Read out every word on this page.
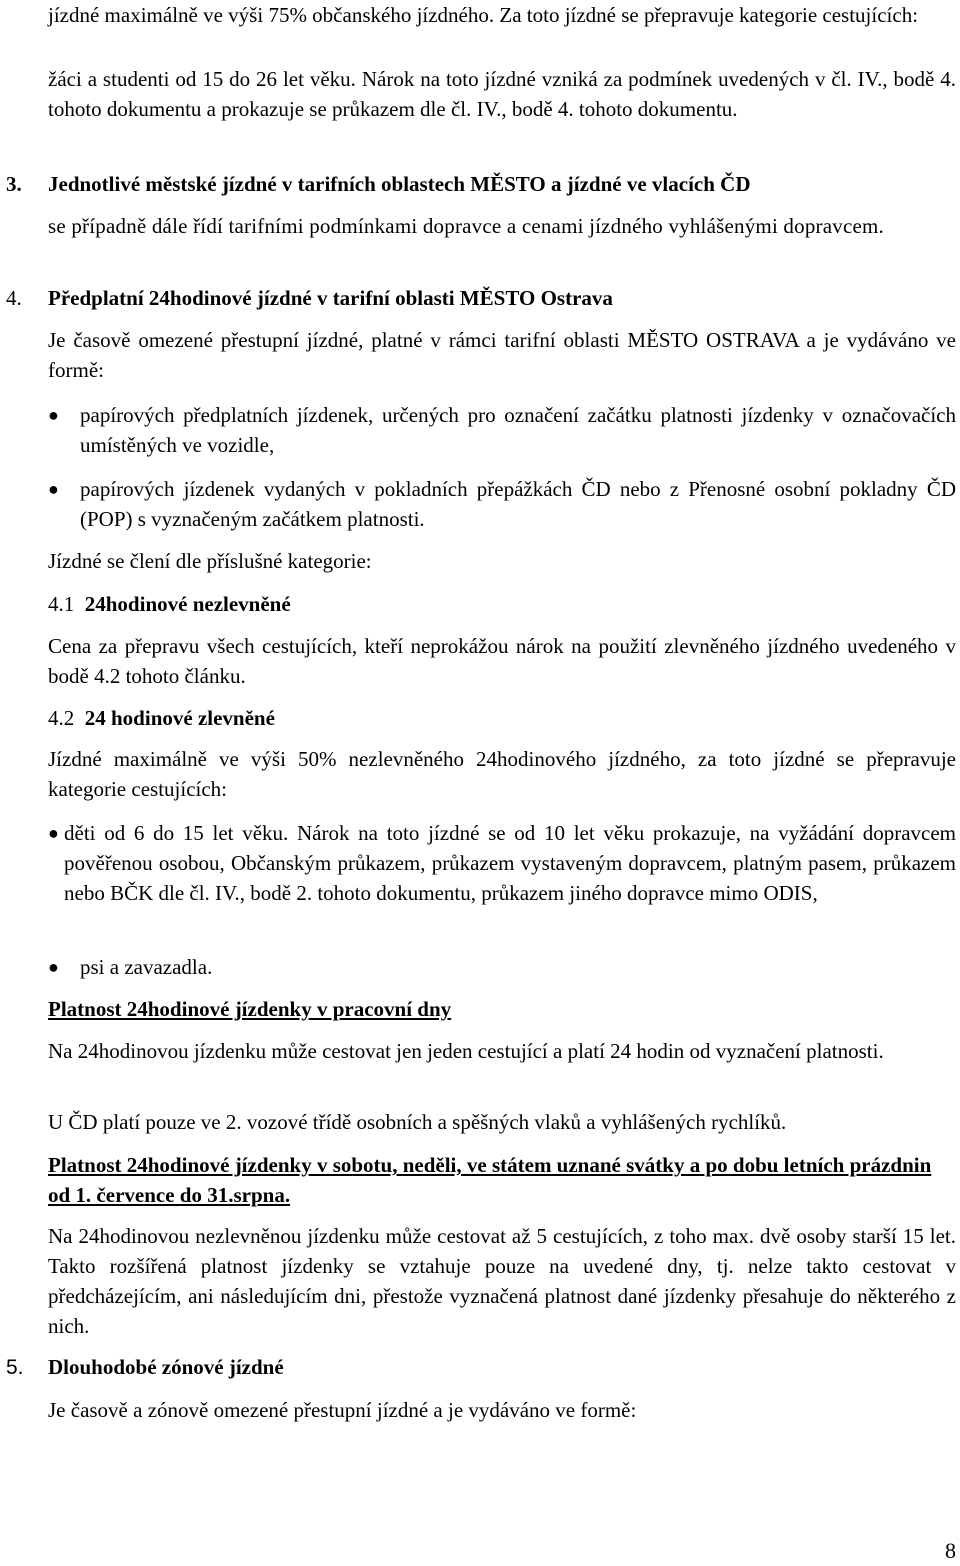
jízdné maximálně ve výši 75% občanského jízdného. Za toto jízdné se přepravuje kategorie cestujících:

žáci a studenti od 15 do 26 let věku. Nárok na toto jízdné vzniká za podmínek uvedených v čl. IV., bodě 4. tohoto dokumentu a prokazuje se průkazem dle čl. IV., bodě 4. tohoto dokumentu.

3. Jednotlivé městské jízdné v tarifních oblastech MĚSTO a jízdné ve vlacích ČD

se případně dále řídí tarifními podmínkami dopravce a cenami jízdného vyhlášenými dopravcem.

4. Předplatní 24hodinové jízdné v tarifní oblasti MĚSTO Ostrava

Je časově omezené přestupní jízdné, platné v rámci tarifní oblasti MĚSTO OSTRAVA a je vydáváno ve formě:

●	papírových předplatních jízdenek, určených pro označení začátku platnosti jízdenky v označovačích umístěných ve vozidle,

●	papírových jízdenek vydaných v pokladních přepážkách ČD nebo z Přenosné osobní pokladny ČD (POP) s vyznačeným začátkem platnosti.

Jízdné se člení dle příslušné kategorie:

4.1 24hodinové nezlevněné

Cena za přepravu všech cestujících, kteří neprokážou nárok na použití zlevněného jízdného uvedeného v bodě 4.2 tohoto článku.

4.2 24 hodinové zlevněné

Jízdné maximálně ve výši 50% nezlevněného 24hodinového jízdného, za toto jízdné se přepravuje kategorie cestujících:

● děti od 6 do 15 let věku. Nárok na toto jízdné se od 10 let věku prokazuje, na vyžádání dopravcem pověřenou osobou, Občanským průkazem, průkazem vystaveným dopravcem, platným pasem, průkazem nebo BČK dle čl. IV., bodě 2. tohoto dokumentu, průkazem jiného dopravce mimo ODIS,

●	psi a zavazadla.

Platnost 24hodinové jízdenky v pracovní dny

Na 24hodinovou jízdenku může cestovat jen jeden cestující a platí 24 hodin od vyznačení platnosti.

U ČD platí pouze ve 2. vozové třídě osobních a spěšných vlaků a vyhlášených rychlíků.

Platnost 24hodinové jízdenky v sobotu, neděli, ve státem uznané svátky a po dobu letních prázdnin od 1. července do 31.srpna.

Na 24hodinovou nezlevněnou jízdenku může cestovat až 5 cestujících, z toho max. dvě osoby starší 15 let. Takto rozšířená platnost jízdenky se vztahuje pouze na uvedené dny, tj. nelze takto cestovat v předcházejícím, ani následujícím dni, přestože vyznačená platnost dané jízdenky přesahuje do některého z nich.

5. Dlouhodobé zónové jízdné

Je časově a zónově omezené přestupní jízdné a je vydáváno ve formě:

8
